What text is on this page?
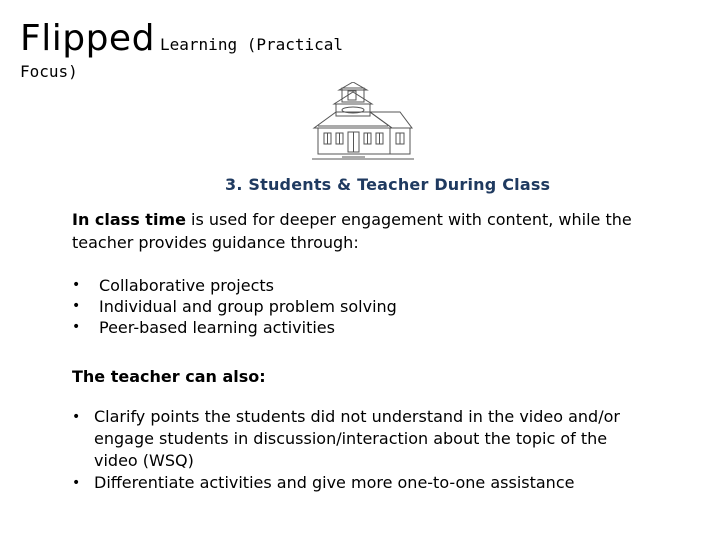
Flipped Learning (Practical
Focus)
3. Students & Teacher During Class
In class time is used for deeper engagement with content, while the teacher provides guidance through:
• Collaborative projects
• Individual and group problem solving
• Peer-based learning activities
The teacher can also:
• Clarify points the students did not understand in the video and/or engage students in discussion/interaction about the topic of the video (WSQ)
• Differentiate activities and give more one-to-one assistance
